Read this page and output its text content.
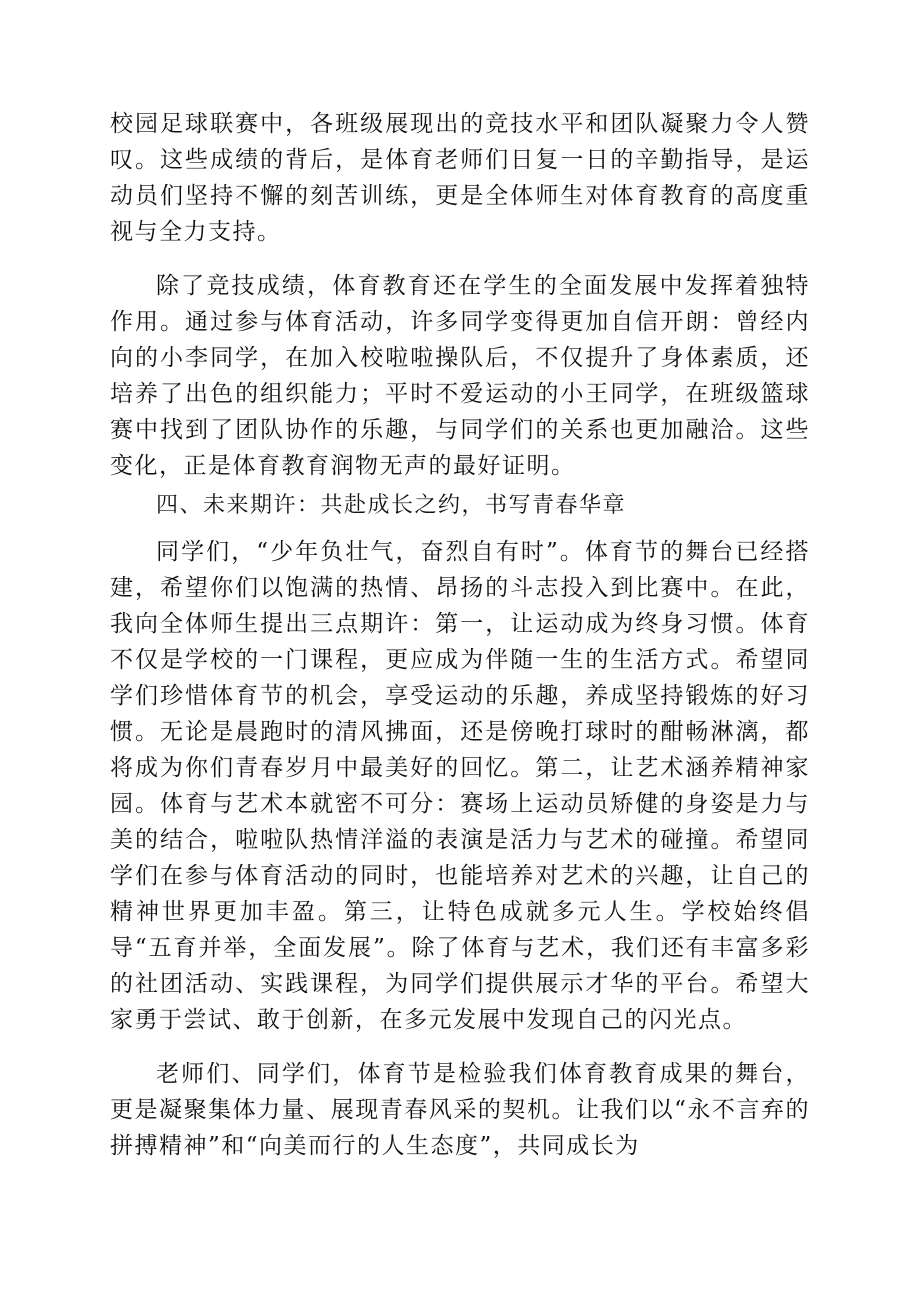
校园足球联赛中，各班级展现出的竞技水平和团队凝聚力令人赞叹。这些成绩的背后，是体育老师们日复一日的辛勤指导，是运动员们坚持不懈的刻苦训练，更是全体师生对体育教育的高度重视与全力支持。

除了竞技成绩，体育教育还在学生的全面发展中发挥着独特作用。通过参与体育活动，许多同学变得更加自信开朗：曾经内向的小李同学，在加入校啦啦操队后，不仅提升了身体素质，还培养了出色的组织能力；平时不爱运动的小王同学，在班级篮球赛中找到了团队协作的乐趣，与同学们的关系也更加融洽。这些变化，正是体育教育润物无声的最好证明。

四、未来期许：共赴成长之约，书写青春华章

同学们，“少年负壮气，奋烈自有时”。体育节的舞台已经搭建，希望你们以饱满的热情、昂扬的斗志投入到比赛中。在此，我向全体师生提出三点期许：第一，让运动成为终身习惯。体育不仅是学校的一门课程，更应成为伴随一生的生活方式。希望同学们珍惜体育节的机会，享受运动的乐趣，养成坚持锻炼的好习惯。无论是晨跑时的清风拂面，还是傍晚打球时的酣畅淋漓，都将成为你们青春岁月中最美好的回忆。第二，让艺术涵养精神家园。体育与艺术本就密不可分：赛场上运动员矫健的身姿是力与美的结合，啦啦队热情洋溢的表演是活力与艺术的碰撞。希望同学们在参与体育活动的同时，也能培养对艺术的兴趣，让自己的精神世界更加丰盈。第三，让特色成就多元人生。学校始终倡导“五育并举，全面发展”。除了体育与艺术，我们还有丰富多彩的社团活动、实践课程，为同学们提供展示才华的平台。希望大家勇于尝试、敢于创新，在多元发展中发现自己的闪光点。

老师们、同学们，体育节是检验我们体育教育成果的舞台，更是凝聚集体力量、展现青春风采的契机。让我们以“永不言弃的拼搏精神”和“向美而行的人生态度”，共同成长为
